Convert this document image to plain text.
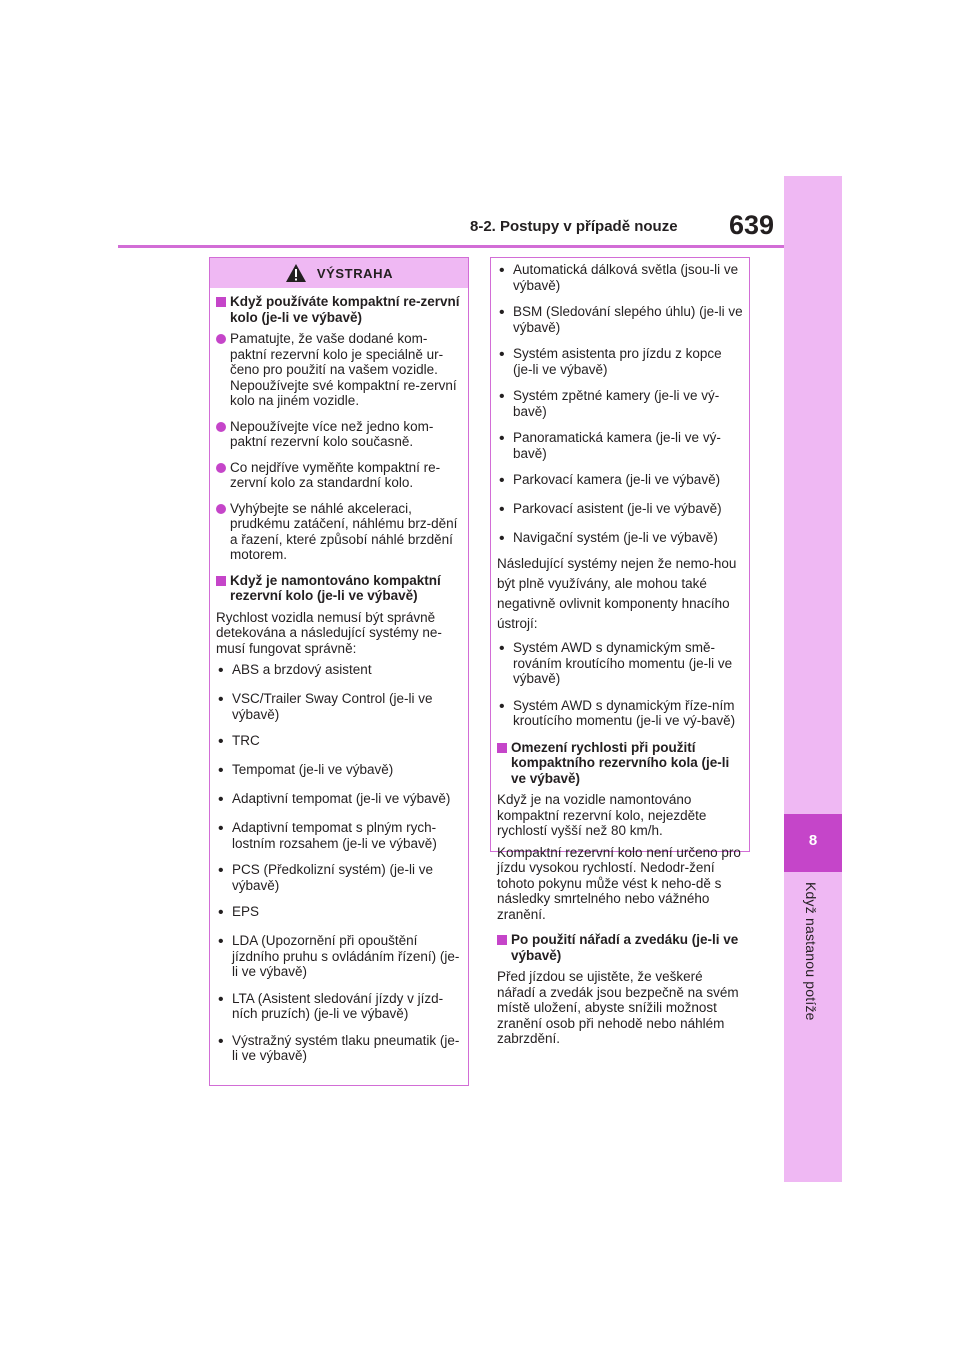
8
Když nastanou potíže
8-2. Postupy v případě nouze 639
VÝSTRAHA

Když používáte kompaktní re-zervní kolo (je-li ve výbavě)

Pamatujte, že vaše dodané kom-paktní rezervní kolo je speciálně ur-čeno pro použití na vašem vozidle. Nepoužívejte své kompaktní re-zervní kolo na jiném vozidle.

Nepoužívejte více než jedno kom-paktní rezervní kolo současně.

Co nejdříve vyměňte kompaktní re-zervní kolo za standardní kolo.

Vyhýbejte se náhlé akceleraci, prudkému zatáčení, náhlému brz-dění a řazení, které způsobí náhlé brzdění motorem.

Když je namontováno kompaktní rezervní kolo (je-li ve výbavě)

Rychlost vozidla nemusí být správně detekována a následující systémy ne-musí fungovat správně:

• ABS a brzdový asistent

• VSC/Trailer Sway Control (je-li ve výbavě)

• TRC

• Tempomat (je-li ve výbavě)

• Adaptivní tempomat (je-li ve výbavě)

• Adaptivní tempomat s plným rych-lostním rozsahem (je-li ve výbavě)

• PCS (Předkolizní systém) (je-li ve výbavě)

• EPS

• LDA (Upozornění při opouštění jízdního pruhu s ovládáním řízení) (je-li ve výbavě)

• LTA (Asistent sledování jízdy v jízd-ních pruzích) (je-li ve výbavě)

• Výstražný systém tlaku pneumatik (je-li ve výbavě)

• Automatická dálková světla (jsou-li ve výbavě)

• BSM (Sledování slepého úhlu) (je-li ve výbavě)

• Systém asistenta pro jízdu z kopce (je-li ve výbavě)

• Systém zpětné kamery (je-li ve vý-bavě)

• Panoramatická kamera (je-li ve vý-bavě)

• Parkovací kamera (je-li ve výbavě)

• Parkovací asistent (je-li ve výbavě)

• Navigační systém (je-li ve výbavě)

Následující systémy nejen že nemo-hou být plně využívány, ale mohou také negativně ovlivnit komponenty hnacího ústrojí:

• Systém AWD s dynamickým smě-rováním kroutícího momentu (je-li ve výbavě)

• Systém AWD s dynamickým říze-ním kroutícího momentu (je-li ve vý-bavě)

Omezení rychlosti při použití kompaktního rezervního kola (je-li ve výbavě)

Když je na vozidle namontováno kompaktní rezervní kolo, nejezděte rychlostí vyšší než 80 km/h.

Kompaktní rezervní kolo není určeno pro jízdu vysokou rychlostí. Nedodr-žení tohoto pokynu může vést k neho-dě s následky smrtelného nebo vážného zranění.

Po použití nářadí a zvedáku (je-li ve výbavě)

Před jízdou se ujistěte, že veškeré nářadí a zvedák jsou bezpečně na svém místě uložení, abyste snížili možnost zranění osob při nehodě nebo náhlém zabrzdění.
